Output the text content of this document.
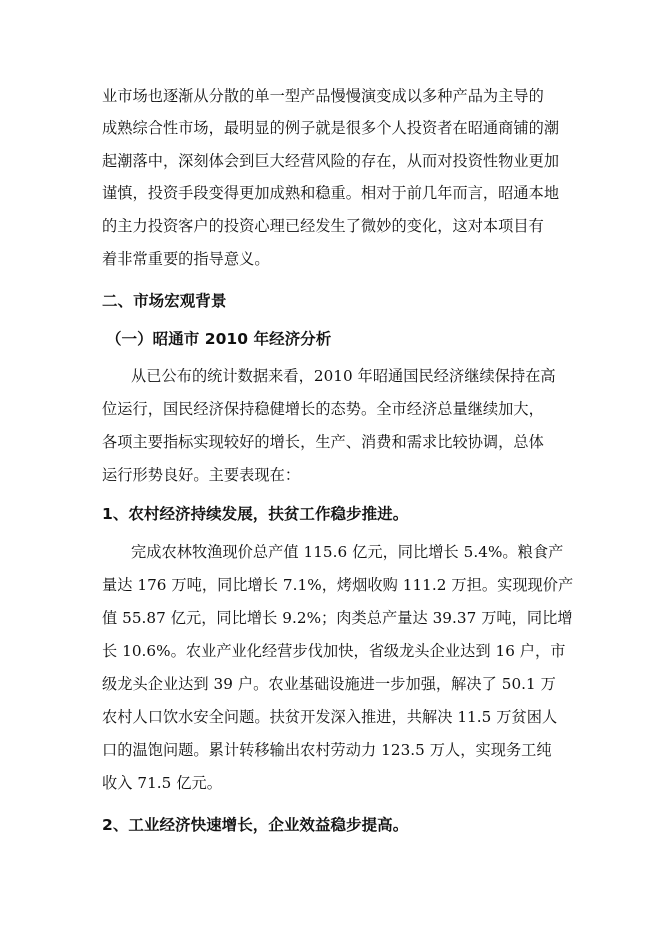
业市场也逐渐从分散的单一型产品慢慢演变成以多种产品为主导的
成熟综合性市场，最明显的例子就是很多个人投资者在昭通商铺的潮
起潮落中，深刻体会到巨大经营风险的存在，从而对投资性物业更加
谨慎，投资手段变得更加成熟和稳重。相对于前几年而言，昭通本地
的主力投资客户的投资心理已经发生了微妙的变化，这对本项目有
着非常重要的指导意义。
二、市场宏观背景
（一）昭通市 2010 年经济分析
从已公布的统计数据来看，2010 年昭通国民经济继续保持在高
位运行，国民经济保持稳健增长的态势。全市经济总量继续加大，
各项主要指标实现较好的增长，生产、消费和需求比较协调，总体
运行形势良好。主要表现在：
1、农村经济持续发展，扶贫工作稳步推进。
完成农林牧渔现价总产值 115.6 亿元，同比增长 5.4%。粮食产
量达 176 万吨，同比增长 7.1%，烤烟收购 111.2 万担。实现现价产
值 55.87 亿元，同比增长 9.2%；肉类总产量达 39.37 万吨，同比增
长 10.6%。农业产业化经营步伐加快，省级龙头企业达到 16 户，市
级龙头企业达到 39 户。农业基础设施进一步加强，解决了 50.1 万
农村人口饮水安全问题。扶贫开发深入推进，共解决 11.5 万贫困人
口的温饱问题。累计转移输出农村劳动力 123.5 万人，实现务工纯
收入 71.5 亿元。
2、工业经济快速增长，企业效益稳步提高。
